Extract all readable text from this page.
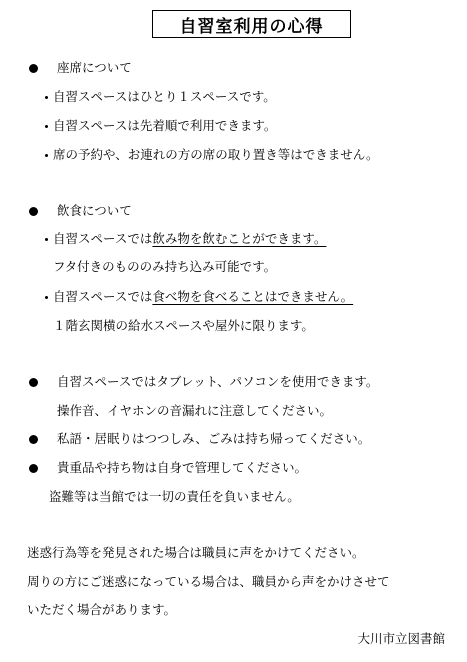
自習室利用の心得
座席について
自習スペースはひとり１スペースです。
自習スペースは先着順で利用できます。
席の予約や、お連れの方の席の取り置き等はできません。
飲食について
自習スペースでは飲み物を飲むことができます。
フタ付きのもののみ持ち込み可能です。
自習スペースでは食べ物を食べることはできません。
１階玄関横の給水スペースや屋外に限ります。
自習スペースではタブレット、パソコンを使用できます。
操作音、イヤホンの音漏れに注意してください。
私語・居眠りはつつしみ、ごみは持ち帰ってください。
貴重品や持ち物は自身で管理してください。
盗難等は当館では一切の責任を負いません。
迷惑行為等を発見された場合は職員に声をかけてください。
周りの方にご迷惑になっている場合は、職員から声をかけさせて
いただく場合があります。
大川市立図書館
